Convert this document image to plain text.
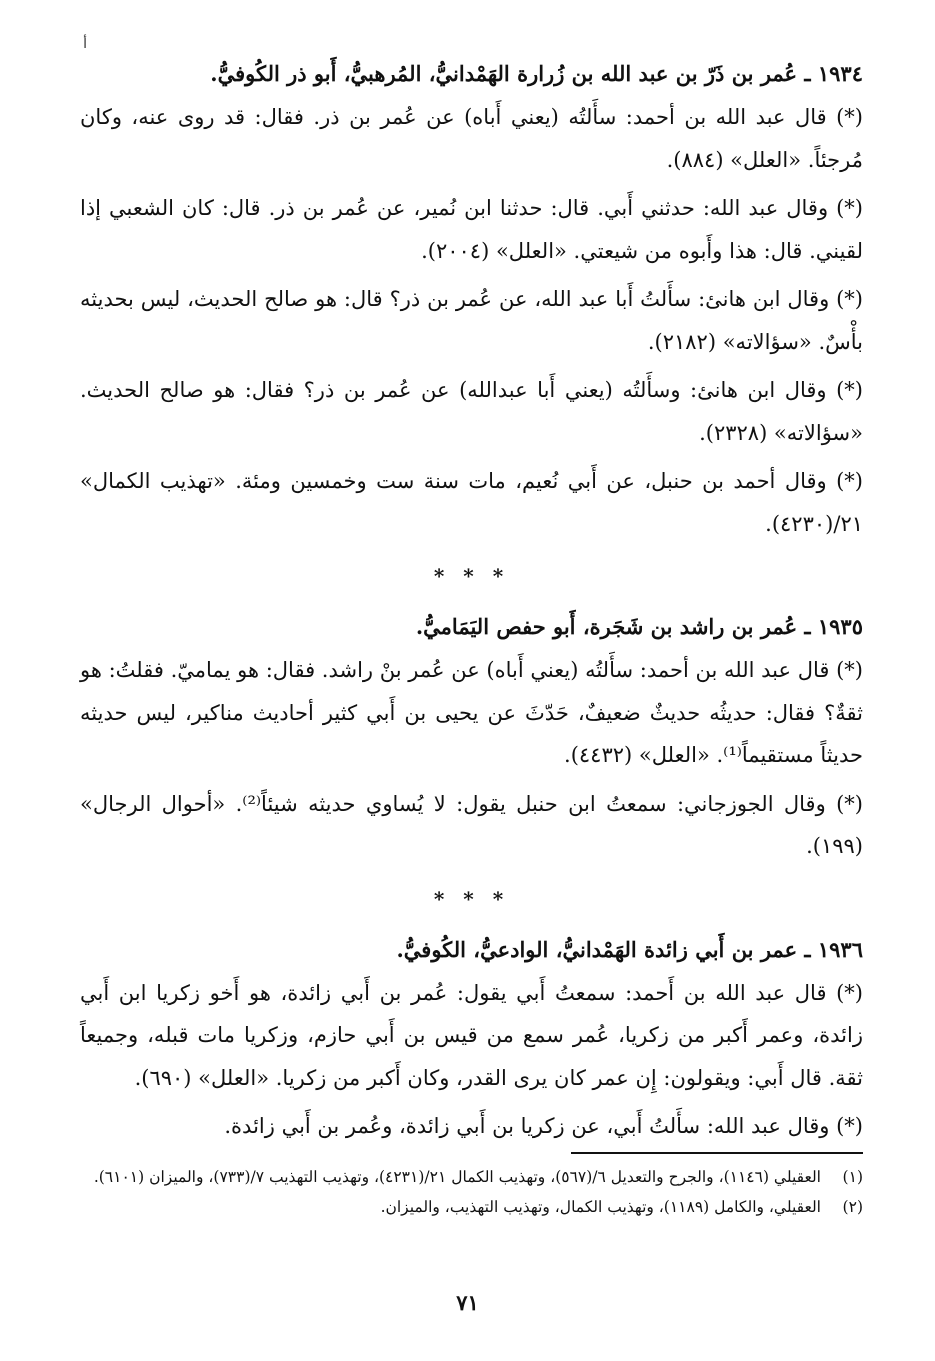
أ
١٩٣٤ ـ عُمر بن ذَرّ بن عبد الله بن زُرارة الهَمْدانيُّ، المُرهبيُّ، أَبو ذر الكُوفيُّ.

(*) قال عبد الله بن أحمد: سأَلتُه (يعني أَباه) عن عُمر بن ذر. فقال: قد روى عنه، وكان مُرجئاً. «العلل» (٨٨٤).

(*) وقال عبد الله: حدثني أَبي. قال: حدثنا ابن نُمير، عن عُمر بن ذر. قال: كان الشعبي إذا لقيني. قال: هذا وأَبوه من شيعتي. «العلل» (٢٠٠٤).

(*) وقال ابن هانئ: سأَلتُ أَبا عبد الله، عن عُمر بن ذر؟ قال: هو صالح الحديث، ليس بحديثه بأْسٌ. «سؤالاته» (٢١٨٢).

(*) وقال ابن هانئ: وسأَلتُه (يعني أَبا عبدالله) عن عُمر بن ذر؟ فقال: هو صالح الحديث. «سؤالاته» (٢٣٢٨).

(*) وقال أحمد بن حنبل، عن أَبي نُعيم، مات سنة ست وخمسين ومئة. «تهذيب الكمال» ٢١/(٤٢٣٠).

* * *
١٩٣٥ ـ عُمر بن راشد بن شَجَرة، أَبو حفص اليَمَاميُّ.

(*) قال عبد الله بن أحمد: سأَلتُه (يعني أَباه) عن عُمر بنْ راشد. فقال: هو يماميّ. فقلتُ: هو ثقةٌ؟ فقال: حديثُه حديثٌ ضعيفٌ، حَدّثَ عن يحيى بن أَبي كثير أحاديث مناكير، ليس حديثه حديثاً مستقيماً⁽¹⁾. «العلل» (٤٤٣٢).

(*) وقال الجوزجاني: سمعتُ ابن حنبل يقول: لا يُساوي حديثه شيئاً⁽²⁾. «أحوال الرجال» (١٩٩).

* * *
١٩٣٦ ـ عمر بن أَبي زائدة الهَمْدانيُّ، الوادعيُّ، الكُوفيُّ.

(*) قال عبد الله بن أَحمد: سمعتُ أَبي يقول: عُمر بن أَبي زائدة، هو أَخو زكريا ابن أَبي زائدة، وعمر أَكبر من زكريا، عُمر سمع من قيس بن أَبي حازم، وزكريا مات قبله، وجميعاً ثقة. قال أَبي: ويقولون: إِن عمر كان يرى القدر، وكان أَكبر من زكريا. «العلل» (٦٩٠).

(*) وقال عبد الله: سأَلتُ أَبي، عن زكريا بن أَبي زائدة، وعُمر بن أَبي زائدة.

(١)
العقيلي (١١٤٦)، والجرح والتعديل ٦/(٥٦٧)، وتهذيب الكمال ٢١/(٤٢٣١)، وتهذيب التهذيب ٧/(٧٣٣)، والميزان (٦١٠١).
(٢)
العقيلي، والكامل (١١٨٩)، وتهذيب الكمال، وتهذيب التهذيب، والميزان.
٧١
